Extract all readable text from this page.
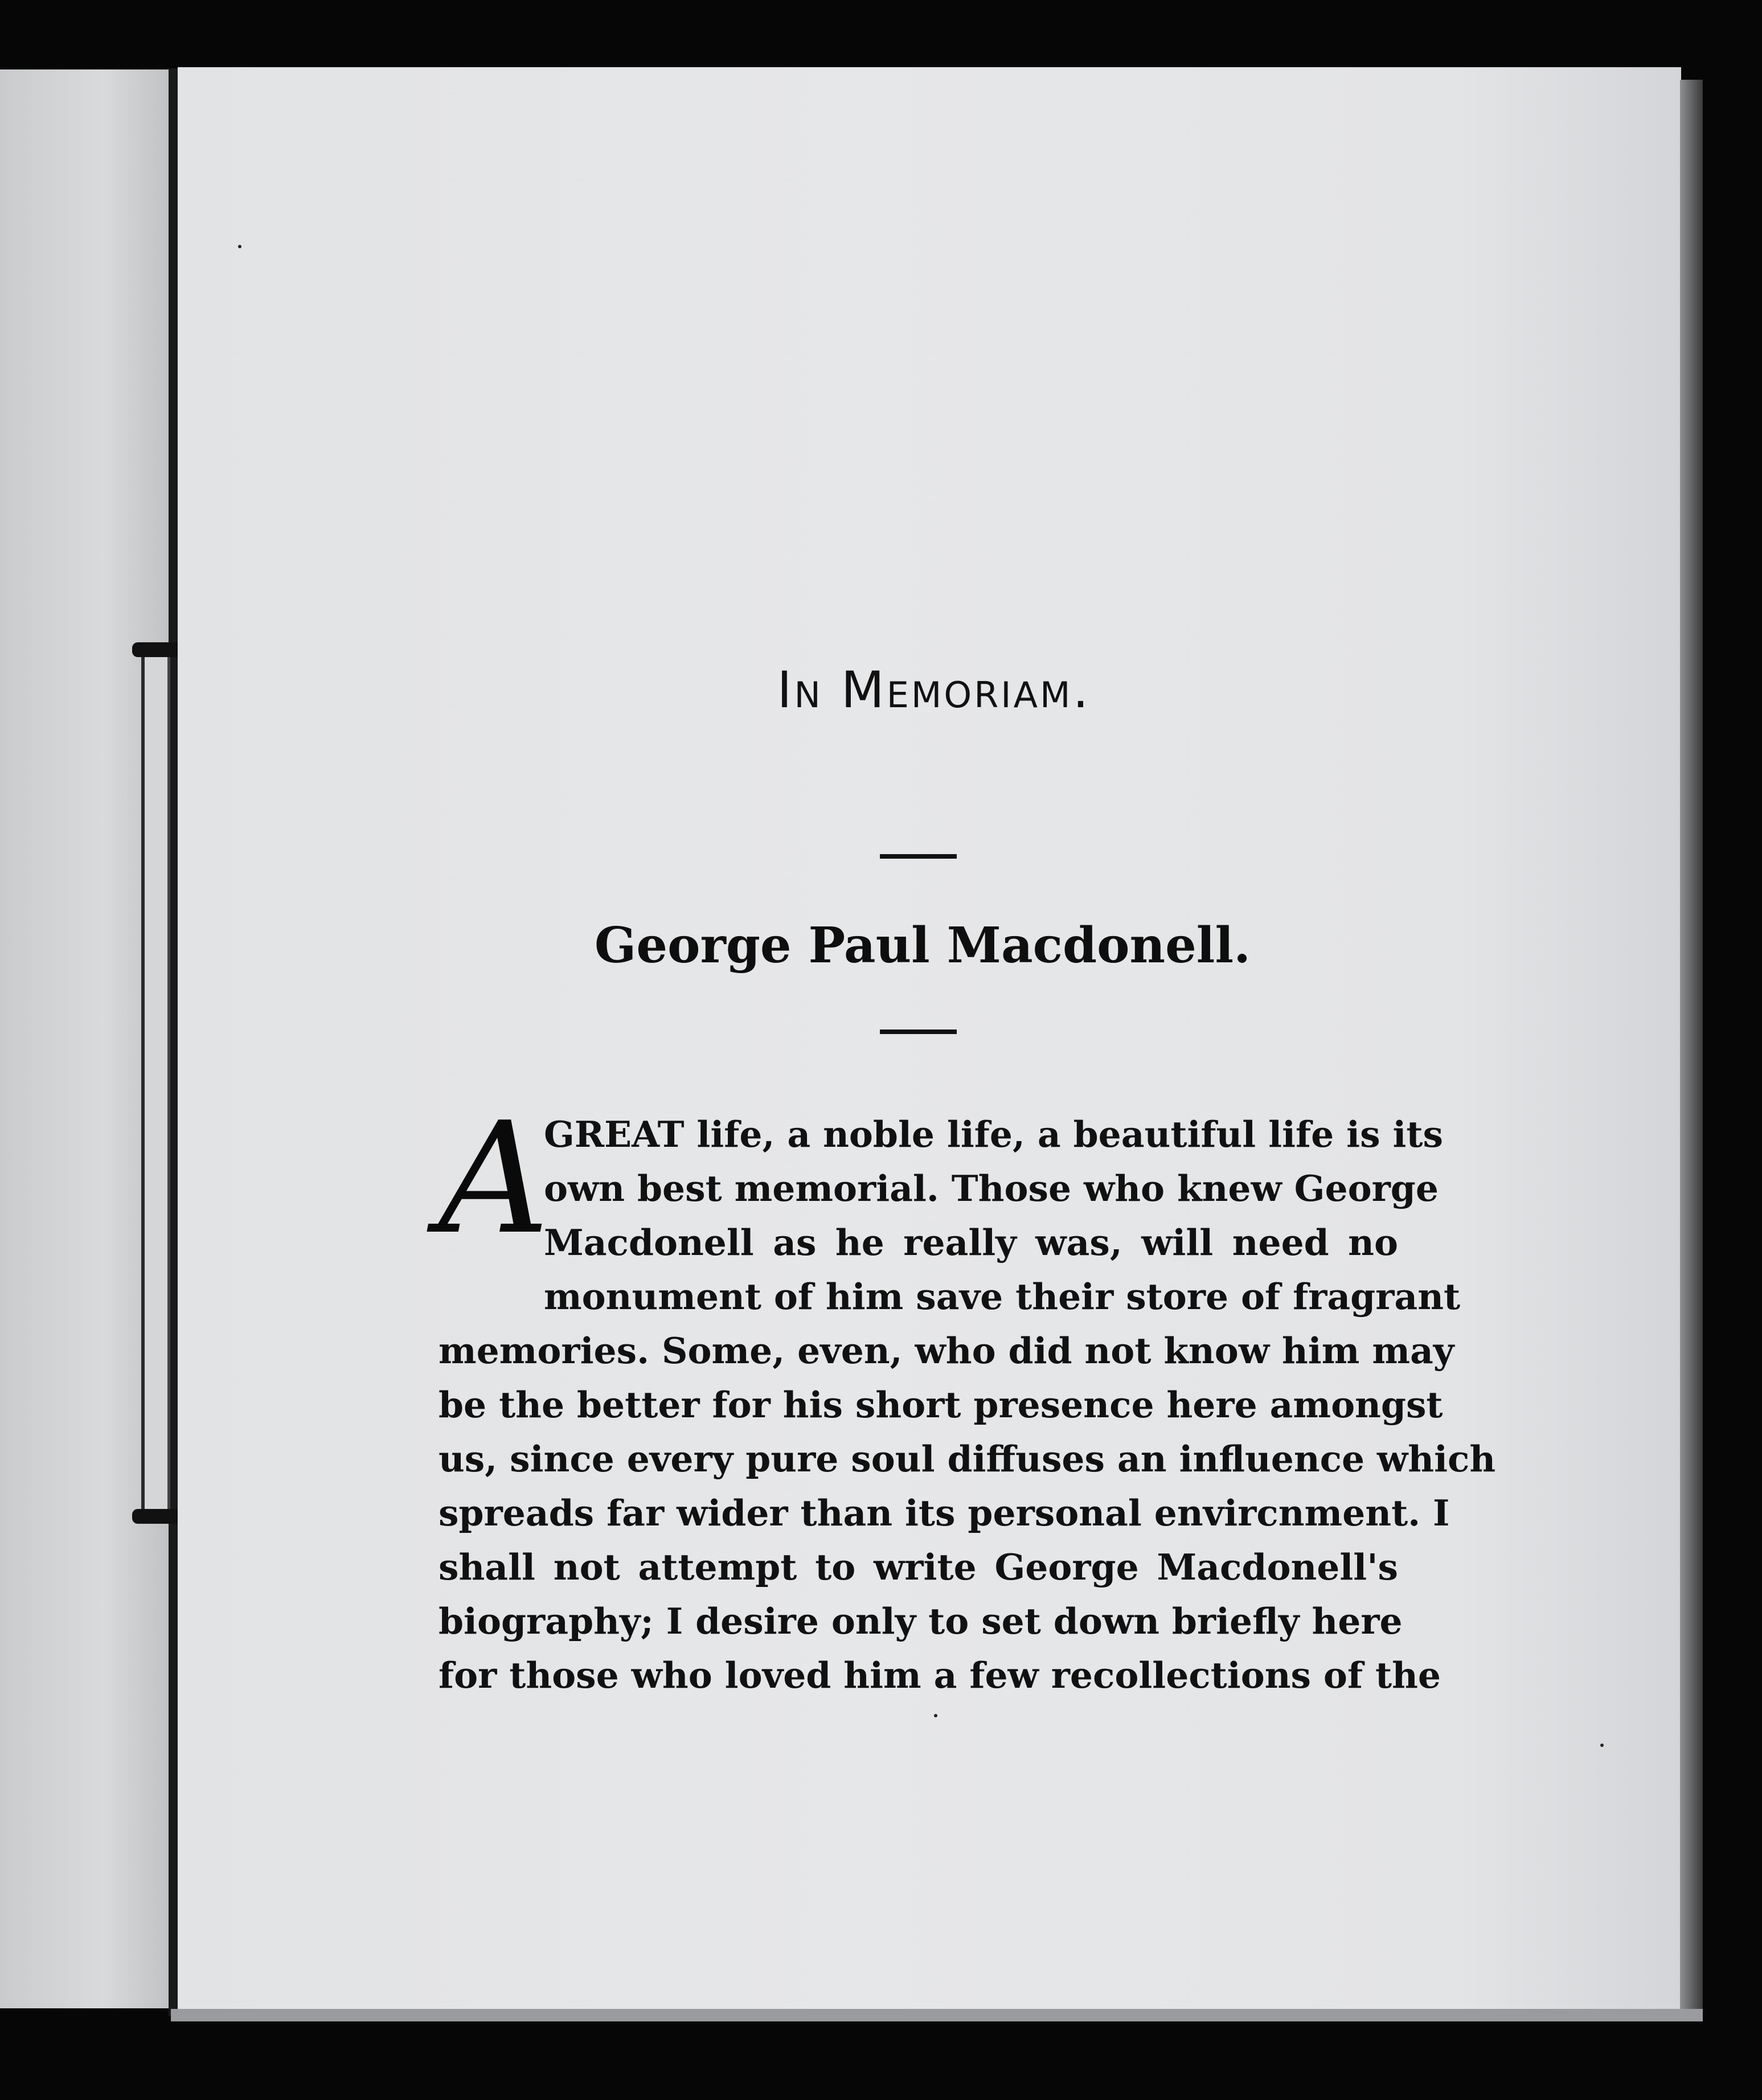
In Memoriam.
George Paul Macdonell.
A
GREAT life, a noble life, a beautiful life is its
own best memorial. Those who knew George
Macdonell as he really was, will need no
monument of him save their store of fragrant
memories. Some, even, who did not know him may
be the better for his short presence here amongst
us, since every pure soul diffuses an influence which
spreads far wider than its personal envircnment. I
shall not attempt to write George Macdonell's
biography; I desire only to set down briefly here
for those who loved him a few recollections of the
